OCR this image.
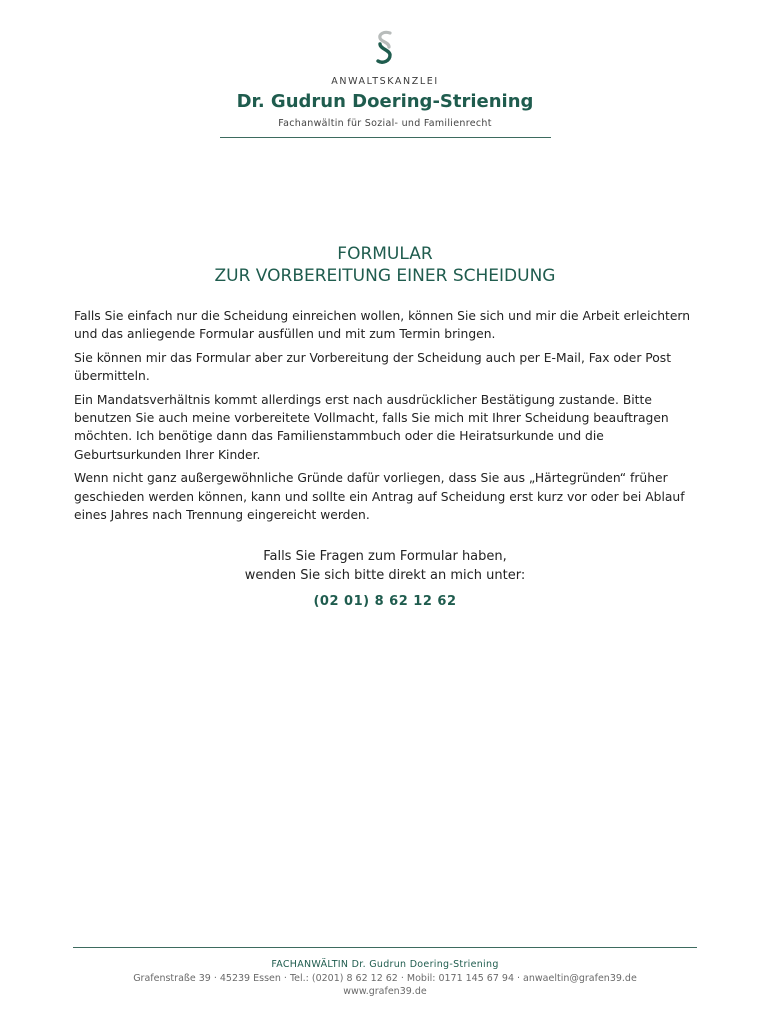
ANWALTSKANZLEI
Dr. Gudrun Doering-Striening
Fachanwältin für Sozial- und Familienrecht
FORMULAR
ZUR VORBEREITUNG EINER SCHEIDUNG

Falls Sie einfach nur die Scheidung einreichen wollen, können Sie sich und mir die Arbeit erleichtern und das anliegende Formular ausfüllen und mit zum Termin bringen.

Sie können mir das Formular aber zur Vorbereitung der Scheidung auch per E-Mail, Fax oder Post übermitteln.

Ein Mandatsverhältnis kommt allerdings erst nach ausdrücklicher Bestätigung zustande. Bitte benutzen Sie auch meine vorbereitete Vollmacht, falls Sie mich mit Ihrer Scheidung beauftragen möchten. Ich benötige dann das Familienstammbuch oder die Heiratsurkunde und die Geburtsurkunden Ihrer Kinder.

Wenn nicht ganz außergewöhnliche Gründe dafür vorliegen, dass Sie aus „Härtegründen“ früher geschieden werden können, kann und sollte ein Antrag auf Scheidung erst kurz vor oder bei Ablauf eines Jahres nach Trennung eingereicht werden.

Falls Sie Fragen zum Formular haben,
wenden Sie sich bitte direkt an mich unter:
(02 01) 8 62 12 62
FACHANWÄLTIN Dr. Gudrun Doering-Striening
Grafenstraße 39 · 45239 Essen · Tel.: (0201) 8 62 12 62 · Mobil: 0171 145 67 94 · anwaeltin@grafen39.de
www.grafen39.de
